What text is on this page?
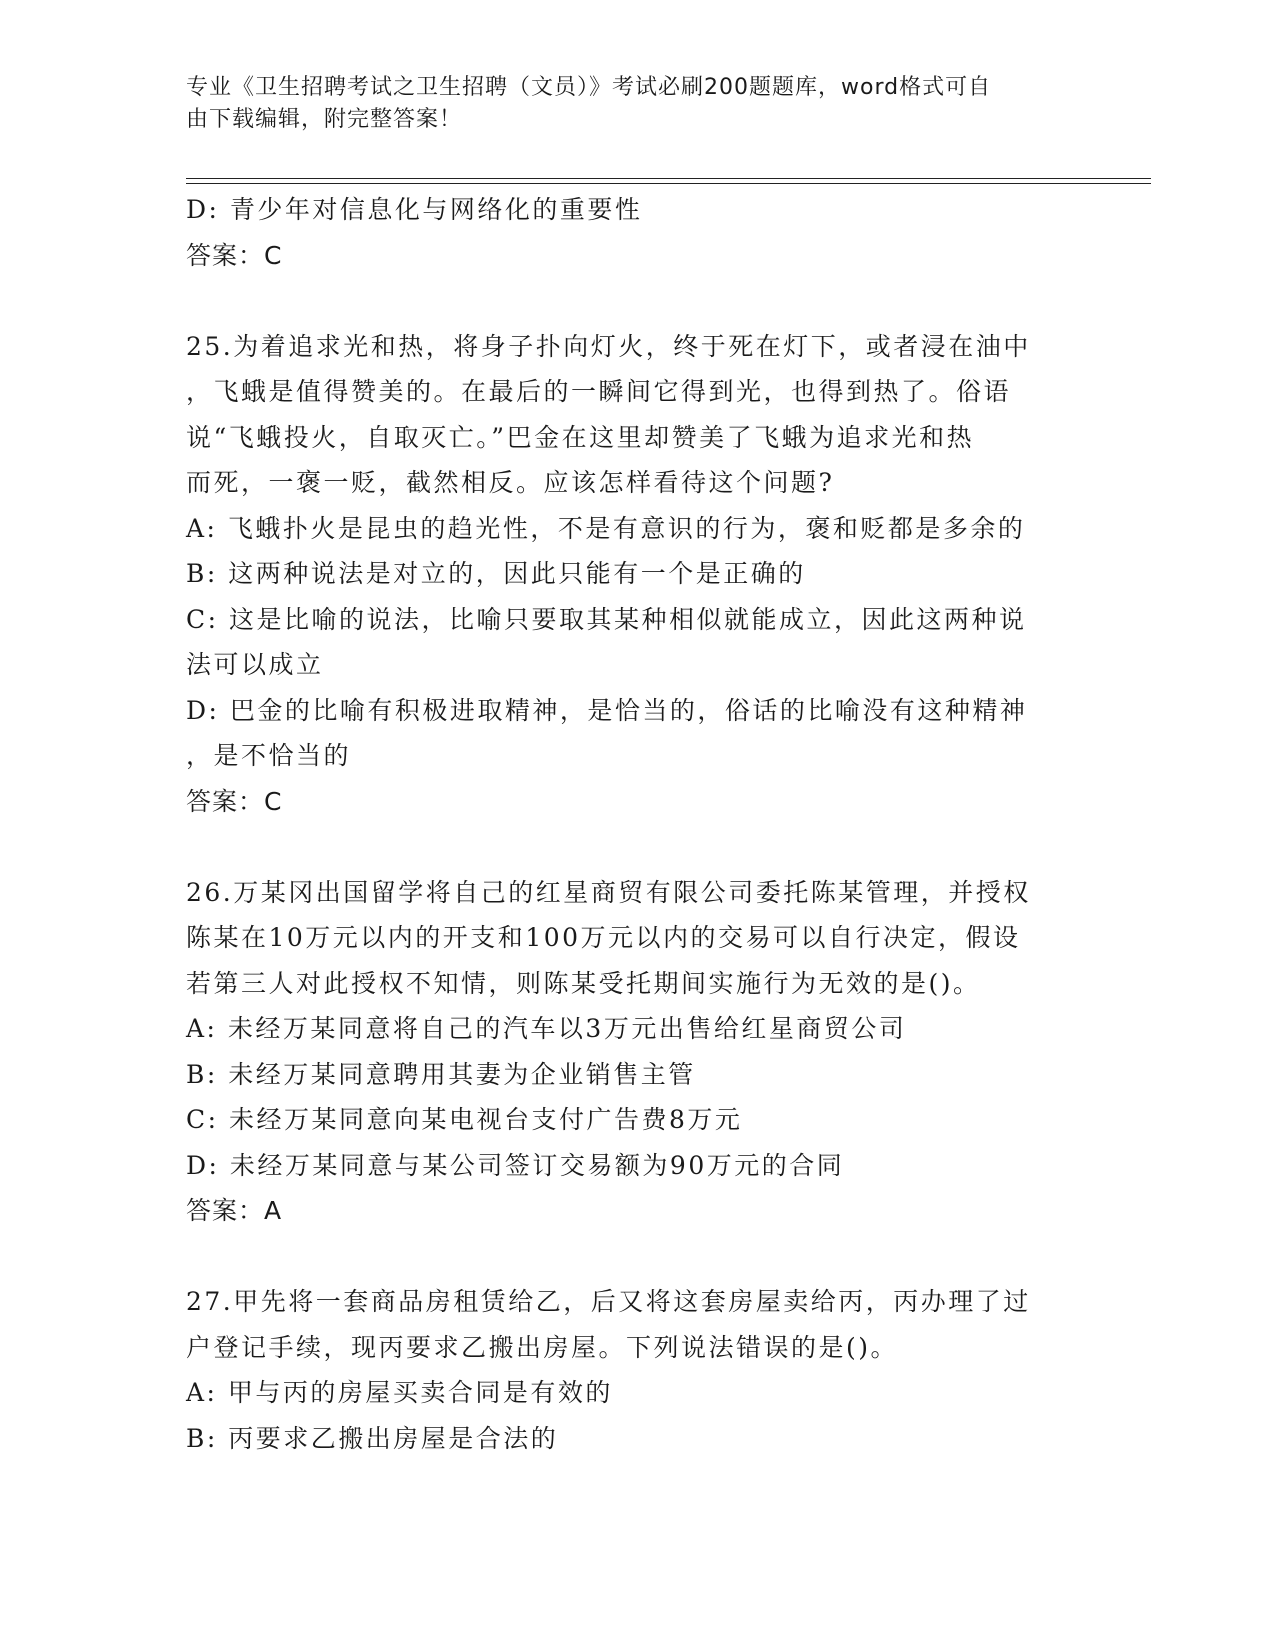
专业《卫生招聘考试之卫生招聘（文员）》考试必刷200题题库，word格式可自
由下载编辑，附完整答案！
D: 青少年对信息化与网络化的重要性
答案：C
25.为着追求光和热，将身子扑向灯火，终于死在灯下，或者浸在油中
，飞蛾是值得赞美的。在最后的一瞬间它得到光，也得到热了。俗语
说“飞蛾投火，自取灭亡。”巴金在这里却赞美了飞蛾为追求光和热
而死，一褒一贬，截然相反。应该怎样看待这个问题?
A: 飞蛾扑火是昆虫的趋光性，不是有意识的行为，褒和贬都是多余的
B: 这两种说法是对立的，因此只能有一个是正确的
C: 这是比喻的说法，比喻只要取其某种相似就能成立，因此这两种说
法可以成立
D: 巴金的比喻有积极进取精神，是恰当的，俗话的比喻没有这种精神
，是不恰当的
答案：C
26.万某冈出国留学将自己的红星商贸有限公司委托陈某管理，并授权
陈某在10万元以内的开支和100万元以内的交易可以自行决定，假设
若第三人对此授权不知情，则陈某受托期间实施行为无效的是()。
A: 未经万某同意将自己的汽车以3万元出售给红星商贸公司
B: 未经万某同意聘用其妻为企业销售主管
C: 未经万某同意向某电视台支付广告费8万元
D: 未经万某同意与某公司签订交易额为90万元的合同
答案：A
27.甲先将一套商品房租赁给乙，后又将这套房屋卖给丙，丙办理了过
户登记手续，现丙要求乙搬出房屋。下列说法错误的是()。
A: 甲与丙的房屋买卖合同是有效的
B: 丙要求乙搬出房屋是合法的
